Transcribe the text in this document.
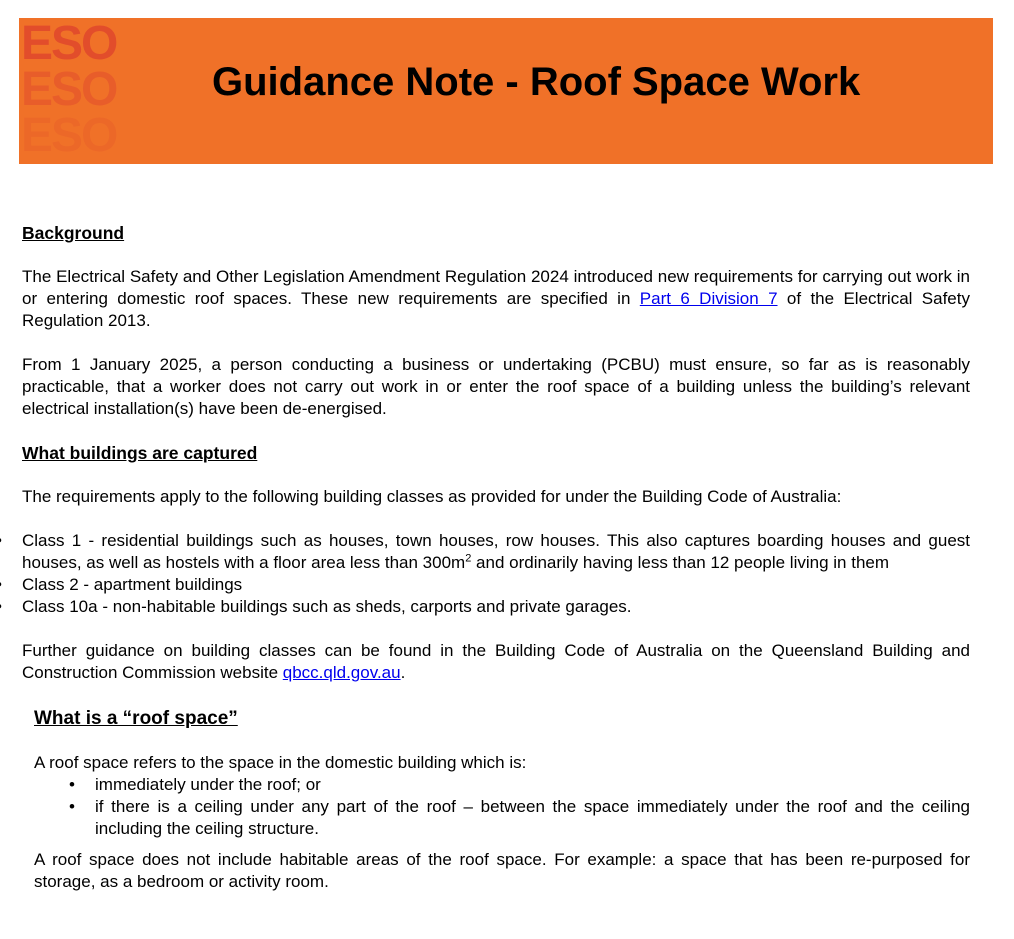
ESO
ESO
ESO
Guidance Note - Roof Space Work
Background

The Electrical Safety and Other Legislation Amendment Regulation 2024 introduced new requirements for carrying out work in or entering domestic roof spaces. These new requirements are specified in Part 6 Division 7 of the Electrical Safety Regulation 2013.

From 1 January 2025, a person conducting a business or undertaking (PCBU) must ensure, so far as is reasonably practicable, that a worker does not carry out work in or enter the roof space of a building unless the building’s relevant electrical installation(s) have been de-energised.

What buildings are captured

The requirements apply to the following building classes as provided for under the Building Code of Australia:

Class 1 - residential buildings such as houses, town houses, row houses. This also captures boarding houses and guest houses, as well as hostels with a floor area less than $300m^2$ and ordinarily having less than 12 people living in them
Class 2 - apartment buildings
Class 10a - non-habitable buildings such as sheds, carports and private garages.

Further guidance on building classes can be found in the Building Code of Australia on the Queensland Building and Construction Commission website qbcc.qld.gov.au.

What is a “roof space”

A roof space refers to the space in the domestic building which is:

• immediately under the roof; or
• if there is a ceiling under any part of the roof – between the space immediately under the roof and the ceiling including the ceiling structure.

A roof space does not include habitable areas of the roof space. For example: a space that has been re-purposed for storage, as a bedroom or activity room.
